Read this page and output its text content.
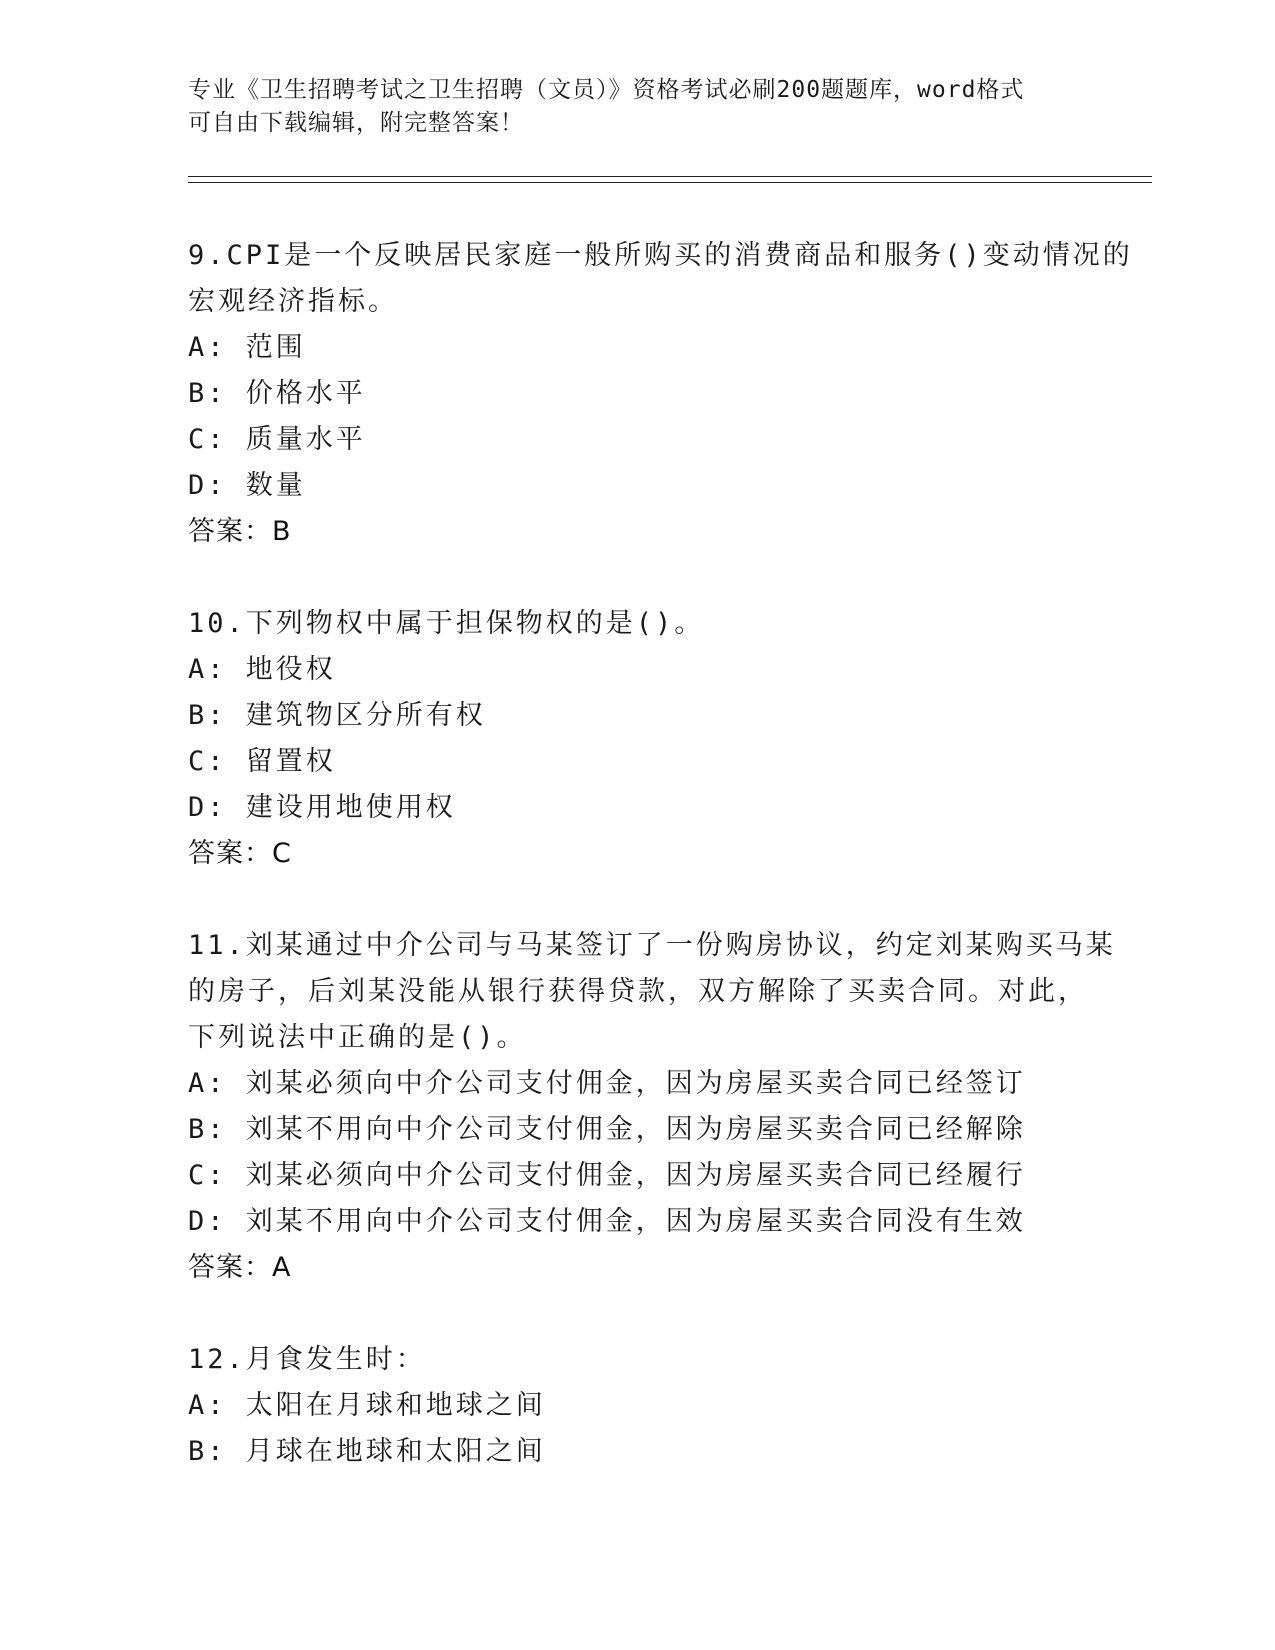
专业《卫生招聘考试之卫生招聘（文员）》资格考试必刷200题题库，word格式
可自由下载编辑，附完整答案！
9.CPI是一个反映居民家庭一般所购买的消费商品和服务()变动情况的
宏观经济指标。
A: 范围
B: 价格水平
C: 质量水平
D: 数量
答案：B
10.下列物权中属于担保物权的是()。
A: 地役权
B: 建筑物区分所有权
C: 留置权
D: 建设用地使用权
答案：C
11.刘某通过中介公司与马某签订了一份购房协议，约定刘某购买马某
的房子，后刘某没能从银行获得贷款，双方解除了买卖合同。对此，
下列说法中正确的是()。
A: 刘某必须向中介公司支付佣金，因为房屋买卖合同已经签订
B: 刘某不用向中介公司支付佣金，因为房屋买卖合同已经解除
C: 刘某必须向中介公司支付佣金，因为房屋买卖合同已经履行
D: 刘某不用向中介公司支付佣金，因为房屋买卖合同没有生效
答案：A
12.月食发生时：
A: 太阳在月球和地球之间
B: 月球在地球和太阳之间
